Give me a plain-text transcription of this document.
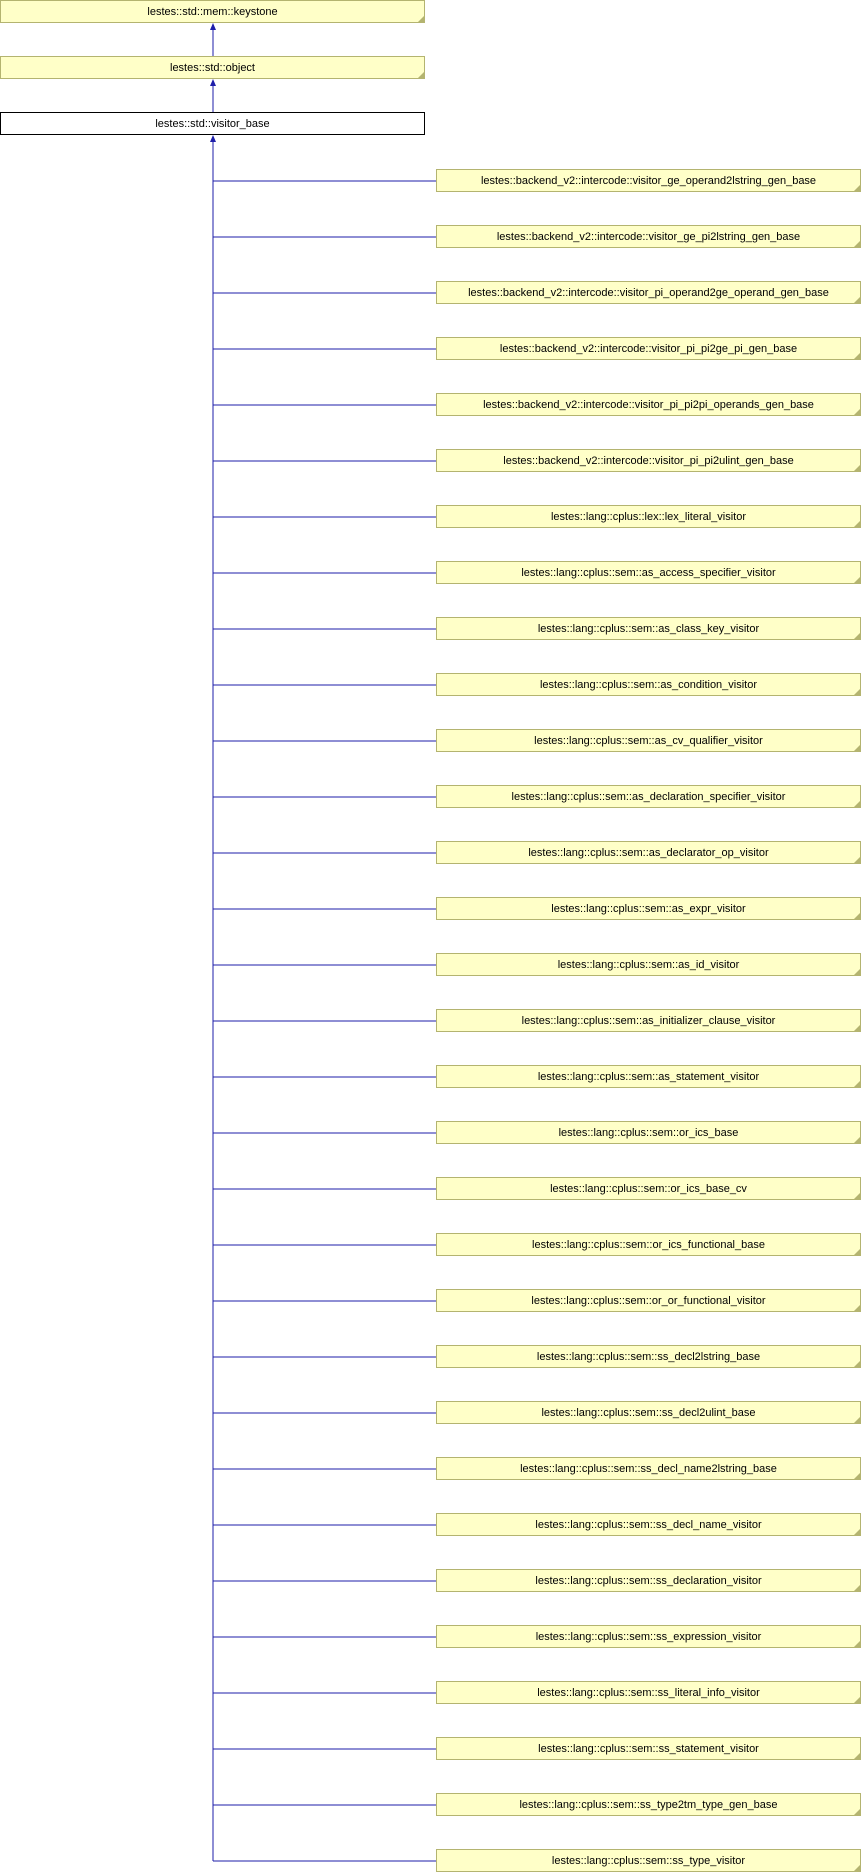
lestes::std::mem::keystone
lestes::std::object
lestes::std::visitor_base
lestes::backend_v2::intercode::visitor_ge_operand2lstring_gen_base
lestes::backend_v2::intercode::visitor_ge_pi2lstring_gen_base
lestes::backend_v2::intercode::visitor_pi_operand2ge_operand_gen_base
lestes::backend_v2::intercode::visitor_pi_pi2ge_pi_gen_base
lestes::backend_v2::intercode::visitor_pi_pi2pi_operands_gen_base
lestes::backend_v2::intercode::visitor_pi_pi2ulint_gen_base
lestes::lang::cplus::lex::lex_literal_visitor
lestes::lang::cplus::sem::as_access_specifier_visitor
lestes::lang::cplus::sem::as_class_key_visitor
lestes::lang::cplus::sem::as_condition_visitor
lestes::lang::cplus::sem::as_cv_qualifier_visitor
lestes::lang::cplus::sem::as_declaration_specifier_visitor
lestes::lang::cplus::sem::as_declarator_op_visitor
lestes::lang::cplus::sem::as_expr_visitor
lestes::lang::cplus::sem::as_id_visitor
lestes::lang::cplus::sem::as_initializer_clause_visitor
lestes::lang::cplus::sem::as_statement_visitor
lestes::lang::cplus::sem::or_ics_base
lestes::lang::cplus::sem::or_ics_base_cv
lestes::lang::cplus::sem::or_ics_functional_base
lestes::lang::cplus::sem::or_or_functional_visitor
lestes::lang::cplus::sem::ss_decl2lstring_base
lestes::lang::cplus::sem::ss_decl2ulint_base
lestes::lang::cplus::sem::ss_decl_name2lstring_base
lestes::lang::cplus::sem::ss_decl_name_visitor
lestes::lang::cplus::sem::ss_declaration_visitor
lestes::lang::cplus::sem::ss_expression_visitor
lestes::lang::cplus::sem::ss_literal_info_visitor
lestes::lang::cplus::sem::ss_statement_visitor
lestes::lang::cplus::sem::ss_type2tm_type_gen_base
lestes::lang::cplus::sem::ss_type_visitor
